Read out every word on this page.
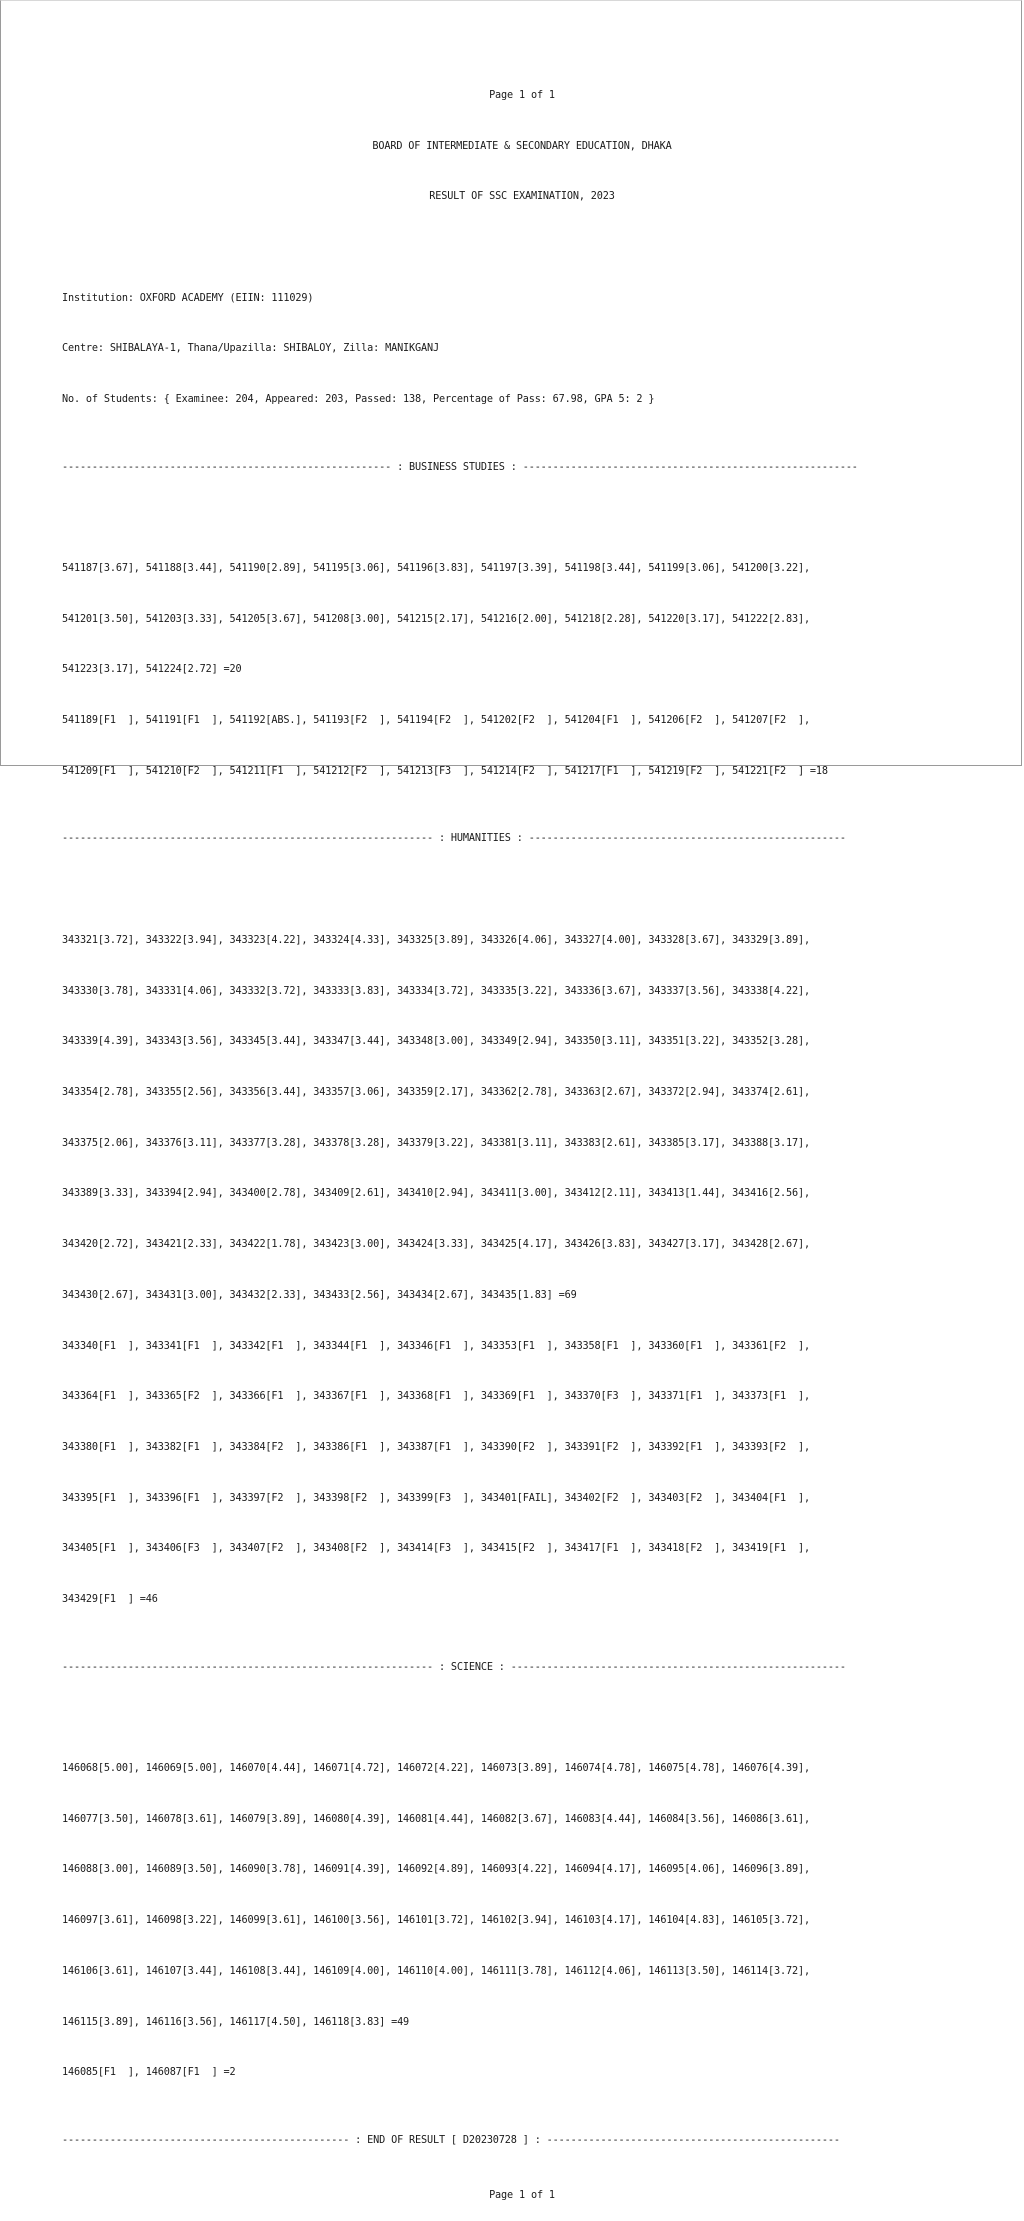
Page 1 of 1

BOARD OF INTERMEDIATE & SECONDARY EDUCATION, DHAKA

RESULT OF SSC EXAMINATION, 2023

Institution: OXFORD ACADEMY (EIIN: 111029)

Centre: SHIBALAYA-1, Thana/Upazilla: SHIBALOY, Zilla: MANIKGANJ

No. of Students: { Examinee: 204, Appeared: 203, Passed: 138, Percentage of Pass: 67.98, GPA 5: 2 }

------------------------------------------------------- : BUSINESS STUDIES : --------------------------------------------------------

541187[3.67], 541188[3.44], 541190[2.89], 541195[3.06], 541196[3.83], 541197[3.39], 541198[3.44], 541199[3.06], 541200[3.22],

541201[3.50], 541203[3.33], 541205[3.67], 541208[3.00], 541215[2.17], 541216[2.00], 541218[2.28], 541220[3.17], 541222[2.83],

541223[3.17], 541224[2.72] =20

541189[F1  ], 541191[F1  ], 541192[ABS.], 541193[F2  ], 541194[F2  ], 541202[F2  ], 541204[F1  ], 541206[F2  ], 541207[F2  ],

541209[F1  ], 541210[F2  ], 541211[F1  ], 541212[F2  ], 541213[F3  ], 541214[F2  ], 541217[F1  ], 541219[F2  ], 541221[F2  ] =18

-------------------------------------------------------------- : HUMANITIES : -----------------------------------------------------

343321[3.72], 343322[3.94], 343323[4.22], 343324[4.33], 343325[3.89], 343326[4.06], 343327[4.00], 343328[3.67], 343329[3.89],

343330[3.78], 343331[4.06], 343332[3.72], 343333[3.83], 343334[3.72], 343335[3.22], 343336[3.67], 343337[3.56], 343338[4.22],

343339[4.39], 343343[3.56], 343345[3.44], 343347[3.44], 343348[3.00], 343349[2.94], 343350[3.11], 343351[3.22], 343352[3.28],

343354[2.78], 343355[2.56], 343356[3.44], 343357[3.06], 343359[2.17], 343362[2.78], 343363[2.67], 343372[2.94], 343374[2.61],

343375[2.06], 343376[3.11], 343377[3.28], 343378[3.28], 343379[3.22], 343381[3.11], 343383[2.61], 343385[3.17], 343388[3.17],

343389[3.33], 343394[2.94], 343400[2.78], 343409[2.61], 343410[2.94], 343411[3.00], 343412[2.11], 343413[1.44], 343416[2.56],

343420[2.72], 343421[2.33], 343422[1.78], 343423[3.00], 343424[3.33], 343425[4.17], 343426[3.83], 343427[3.17], 343428[2.67],

343430[2.67], 343431[3.00], 343432[2.33], 343433[2.56], 343434[2.67], 343435[1.83] =69

343340[F1  ], 343341[F1  ], 343342[F1  ], 343344[F1  ], 343346[F1  ], 343353[F1  ], 343358[F1  ], 343360[F1  ], 343361[F2  ],

343364[F1  ], 343365[F2  ], 343366[F1  ], 343367[F1  ], 343368[F1  ], 343369[F1  ], 343370[F3  ], 343371[F1  ], 343373[F1  ],

343380[F1  ], 343382[F1  ], 343384[F2  ], 343386[F1  ], 343387[F1  ], 343390[F2  ], 343391[F2  ], 343392[F1  ], 343393[F2  ],

343395[F1  ], 343396[F1  ], 343397[F2  ], 343398[F2  ], 343399[F3  ], 343401[FAIL], 343402[F2  ], 343403[F2  ], 343404[F1  ],

343405[F1  ], 343406[F3  ], 343407[F2  ], 343408[F2  ], 343414[F3  ], 343415[F2  ], 343417[F1  ], 343418[F2  ], 343419[F1  ],

343429[F1  ] =46

-------------------------------------------------------------- : SCIENCE : --------------------------------------------------------

146068[5.00], 146069[5.00], 146070[4.44], 146071[4.72], 146072[4.22], 146073[3.89], 146074[4.78], 146075[4.78], 146076[4.39],

146077[3.50], 146078[3.61], 146079[3.89], 146080[4.39], 146081[4.44], 146082[3.67], 146083[4.44], 146084[3.56], 146086[3.61],

146088[3.00], 146089[3.50], 146090[3.78], 146091[4.39], 146092[4.89], 146093[4.22], 146094[4.17], 146095[4.06], 146096[3.89],

146097[3.61], 146098[3.22], 146099[3.61], 146100[3.56], 146101[3.72], 146102[3.94], 146103[4.17], 146104[4.83], 146105[3.72],

146106[3.61], 146107[3.44], 146108[3.44], 146109[4.00], 146110[4.00], 146111[3.78], 146112[4.06], 146113[3.50], 146114[3.72],

146115[3.89], 146116[3.56], 146117[4.50], 146118[3.83] =49

146085[F1  ], 146087[F1  ] =2

------------------------------------------------ : END OF RESULT [ D20230728 ] : -------------------------------------------------

Page 1 of 1
